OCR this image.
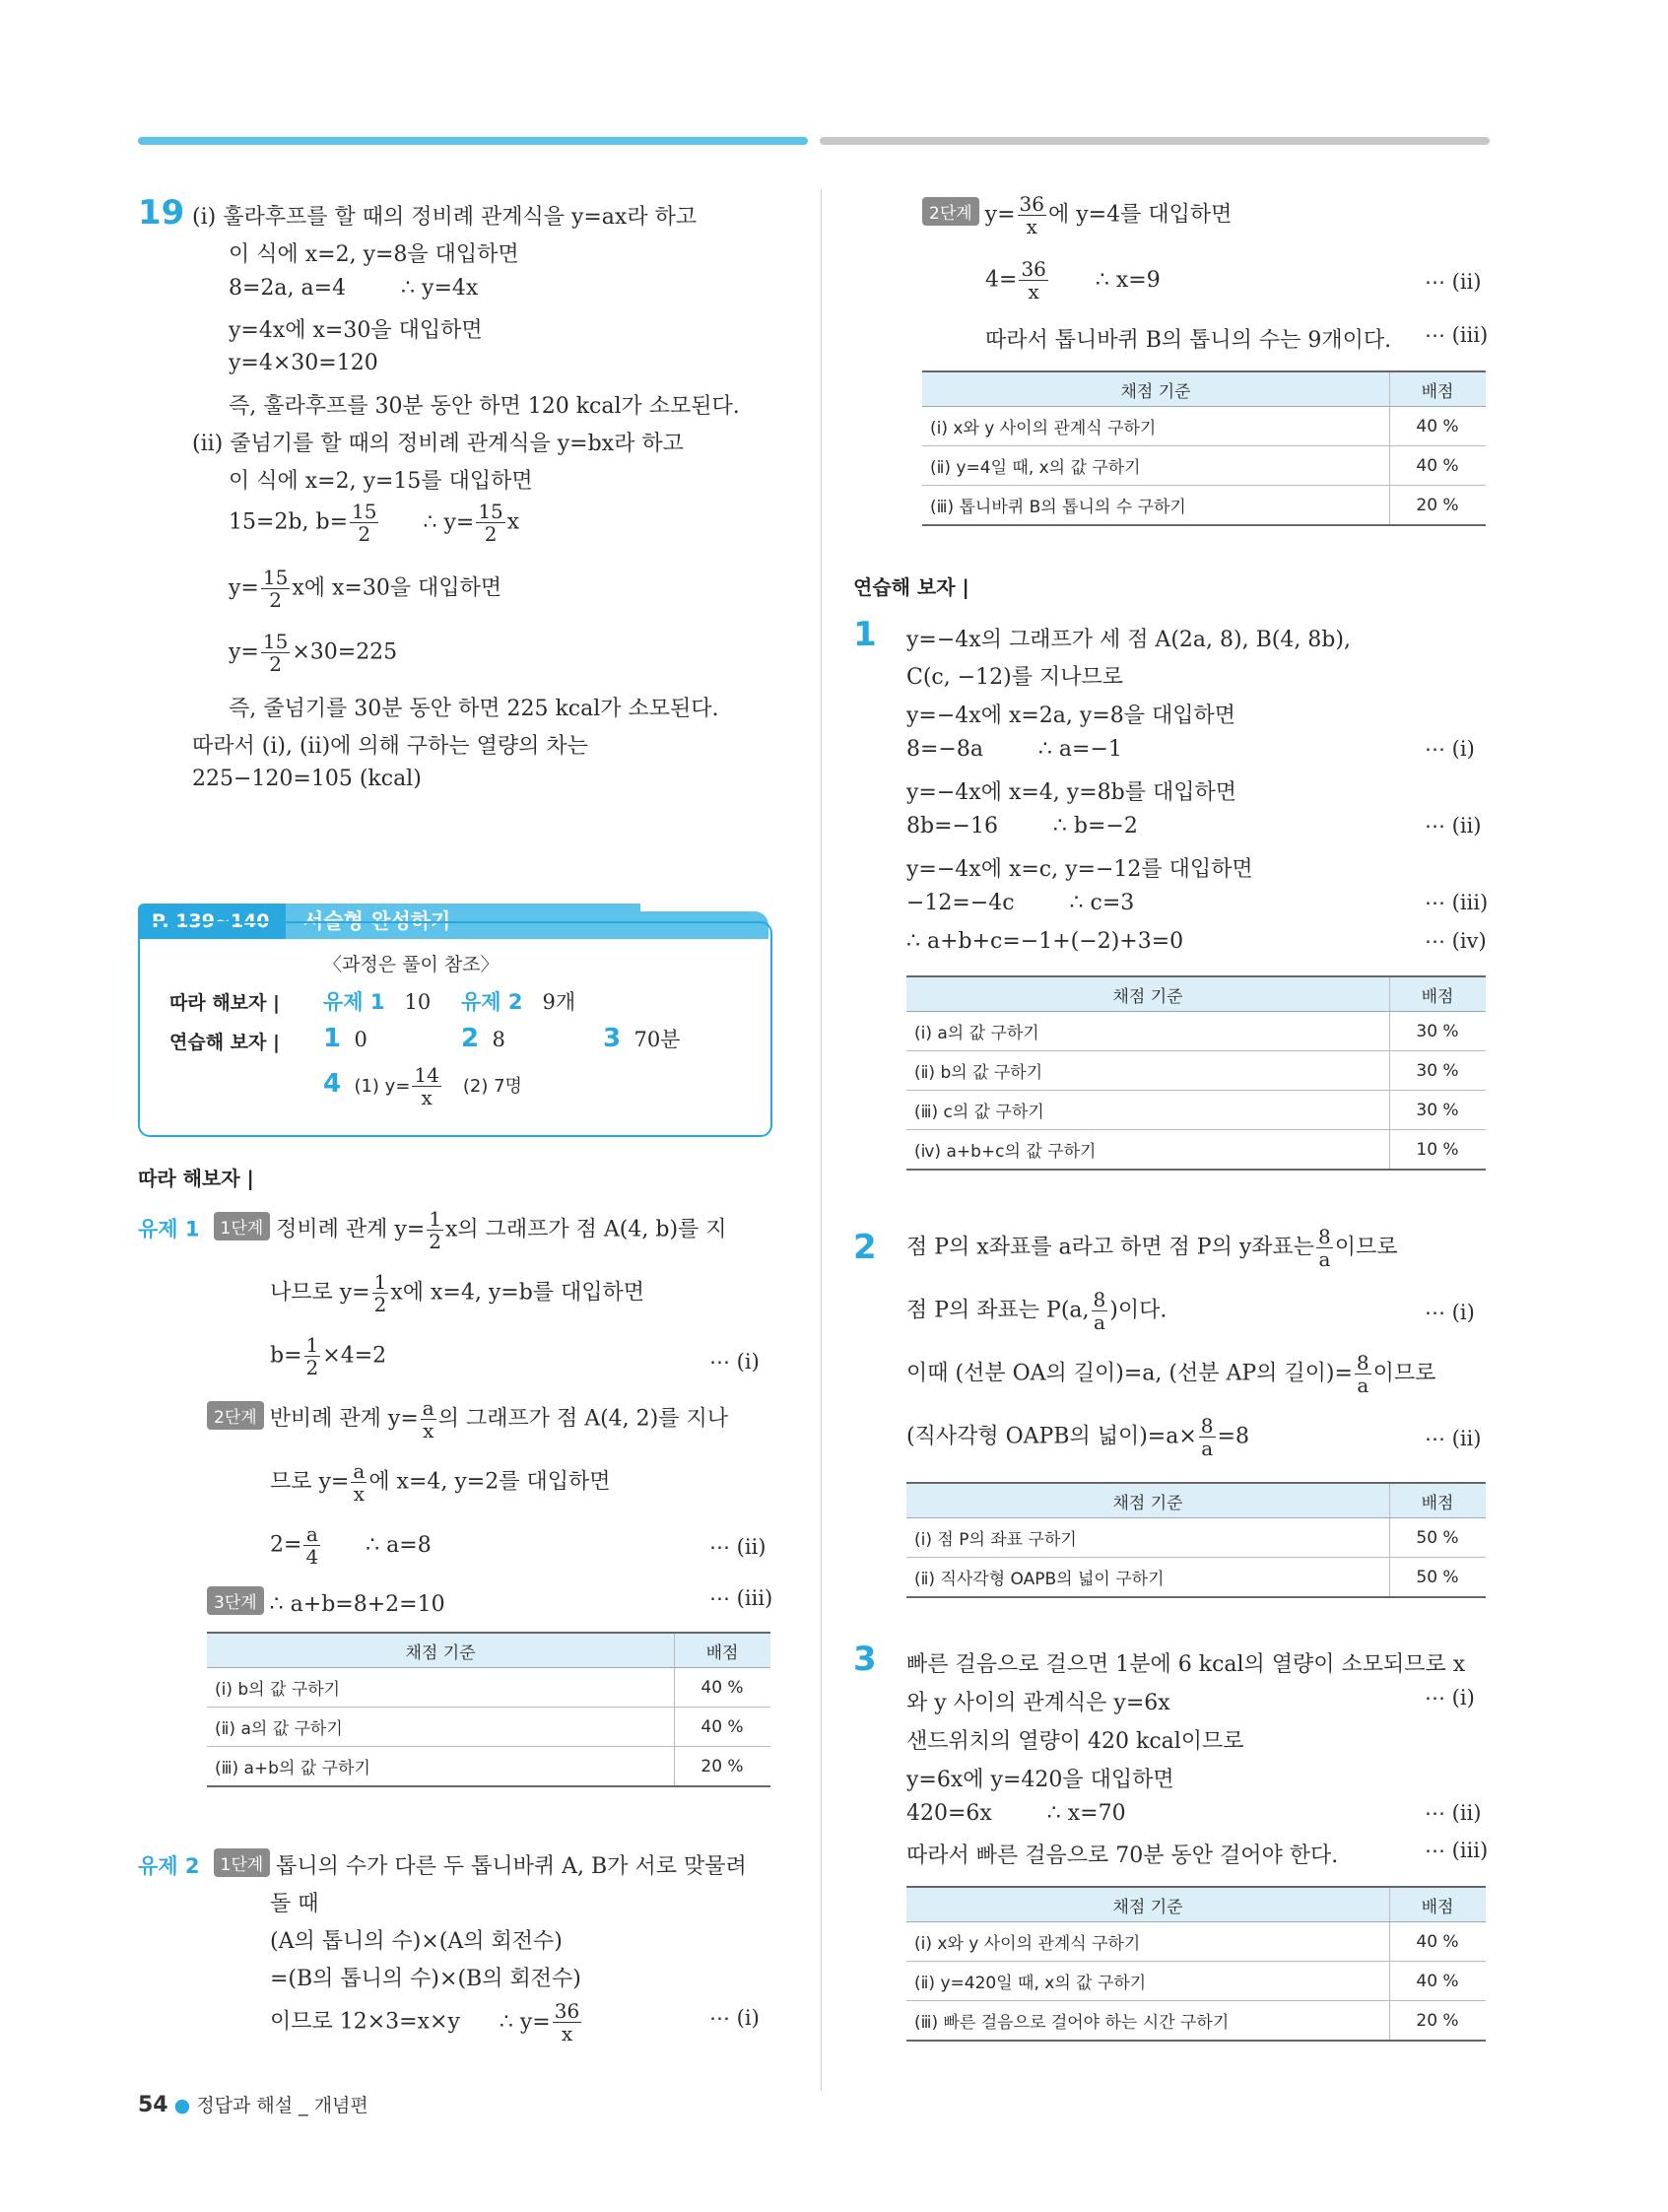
19 (ⅰ) 훌라후프를 할 때의 정비례 관계식을 y=ax라 하고
이 식에 x=2, y=8을 대입하면
8=2a, a=4        ∴ y=4x
y=4x에 x=30을 대입하면
y=4×30=120
즉, 훌라후프를 30분 동안 하면 120 kcal가 소모된다.
(ⅱ) 줄넘기를 할 때의 정비례 관계식을 y=bx라 하고
이 식에 x=2, y=15를 대입하면
15=2b, $b= \frac{15}{2}$ ∴ $y= \frac{15}{2}$ x
$y= \frac{15}{2}$ x에 x=30을 대입하면
$y= \frac{15}{2} \times 30=225$
즉, 줄넘기를 30분 동안 하면 225 kcal가 소모된다.
따라서 (ⅰ), (ⅱ)에 의해 구하는 열량의 차는
225−120=105 (kcal)
P. 139~140	서술형 완성하기
〈과정은 풀이 참조〉
따라 해보자 | 유제 1 10 유제 2 9개
연습해 보자 | 1 0	2 8	3 70분
4 (1) $y= \frac{14}{x} (2)$ 7명
따라 해보자 |
유제 1 1단계 정비례 관계 $y= \frac{1}{2}$ x의 그래프가 점 A(4, b)를 지
나므로 $y= \frac{1}{2}$ x에 x=4, y=b를 대입하면
$b= \frac{1}{2} \times 4=2$	⋯ (ⅰ)
2단계 반비례 관계 $y= \frac{a}{x}$ 의 그래프가 점 A(4, 2)를 지나
므로 $y= \frac{a}{x}$ 에 x=4, y=2를 대입하면
$2= \frac{a}{4}$ ∴ a=8	⋯ (ⅱ)
3단계 ∴ a+b=8+2=10	⋯ (ⅲ)
채점 기준	배점
(ⅰ) b의 값 구하기	40 %
(ⅱ) a의 값 구하기	40 %
(ⅲ) a+b의 값 구하기	20 %
유제 2 1단계 톱니의 수가 다른 두 톱니바퀴 A, B가 서로 맞물려
돌 때
(A의 톱니의 수)×(A의 회전수)
=(B의 톱니의 수)×(B의 회전수)
이므로 12×3=x×y ∴ $y= \frac{36}{x}$	⋯ (ⅰ)
2단계 $y= \frac{36}{x}$ 에 y=4를 대입하면
$4= \frac{36}{x}$ ∴ x=9	⋯ (ⅱ)
따라서 톱니바퀴 B의 톱니의 수는 9개이다. ⋯ (ⅲ)
채점 기준	배점
(ⅰ) x와 y 사이의 관계식 구하기	40 %
(ⅱ) y=4일 때, x의 값 구하기	40 %
(ⅲ) 톱니바퀴 B의 톱니의 수 구하기	20 %
연습해 보자 |
1 y=−4x의 그래프가 세 점 A(2a, 8), B(4, 8b),
C(c, −12)를 지나므로
y=−4x에 x=2a, y=8을 대입하면
8=−8a        ∴ a=−1	⋯ (ⅰ)
y=−4x에 x=4, y=8b를 대입하면
8b=−16        ∴ b=−2	⋯ (ⅱ)
y=−4x에 x=c, y=−12를 대입하면
−12=−4c        ∴ c=3	⋯ (ⅲ)
∴ a+b+c=−1+(−2)+3=0	⋯ (ⅳ)
채점 기준	배점
(ⅰ) a의 값 구하기	30 %
(ⅱ) b의 값 구하기	30 %
(ⅲ) c의 값 구하기	30 %
(ⅳ) a+b+c의 값 구하기	10 %
2 점 P의 x좌표를 a라고 하면 점 P의 y좌표는 $\frac{8}{a}$ 이므로
점 P의 좌표는 P(a, $\frac{8}{a}$ )이다.	⋯ (ⅰ)
이때 (선분 OA의 길이)=a, (선분 AP의 길이)= $\frac{8}{a}$ 이므로
(직사각형 OAPB의 넓이)$=a\times \frac{8}{a} =8$	⋯ (ⅱ)
채점 기준	배점
(ⅰ) 점 P의 좌표 구하기	50 %
(ⅱ) 직사각형 OAPB의 넓이 구하기	50 %
3 빠른 걸음으로 걸으면 1분에 6 kcal의 열량이 소모되므로 x
와 y 사이의 관계식은 y=6x	⋯ (ⅰ)
샌드위치의 열량이 420 kcal이므로
y=6x에 y=420을 대입하면
420=6x        ∴ x=70	⋯ (ⅱ)
따라서 빠른 걸음으로 70분 동안 걸어야 한다.	⋯ (ⅲ)
채점 기준	배점
(ⅰ) x와 y 사이의 관계식 구하기	40 %
(ⅱ) y=420일 때, x의 값 구하기	40 %
(ⅲ) 빠른 걸음으로 걸어야 하는 시간 구하기	20 %
54 ● 정답과 해설 _ 개념편
